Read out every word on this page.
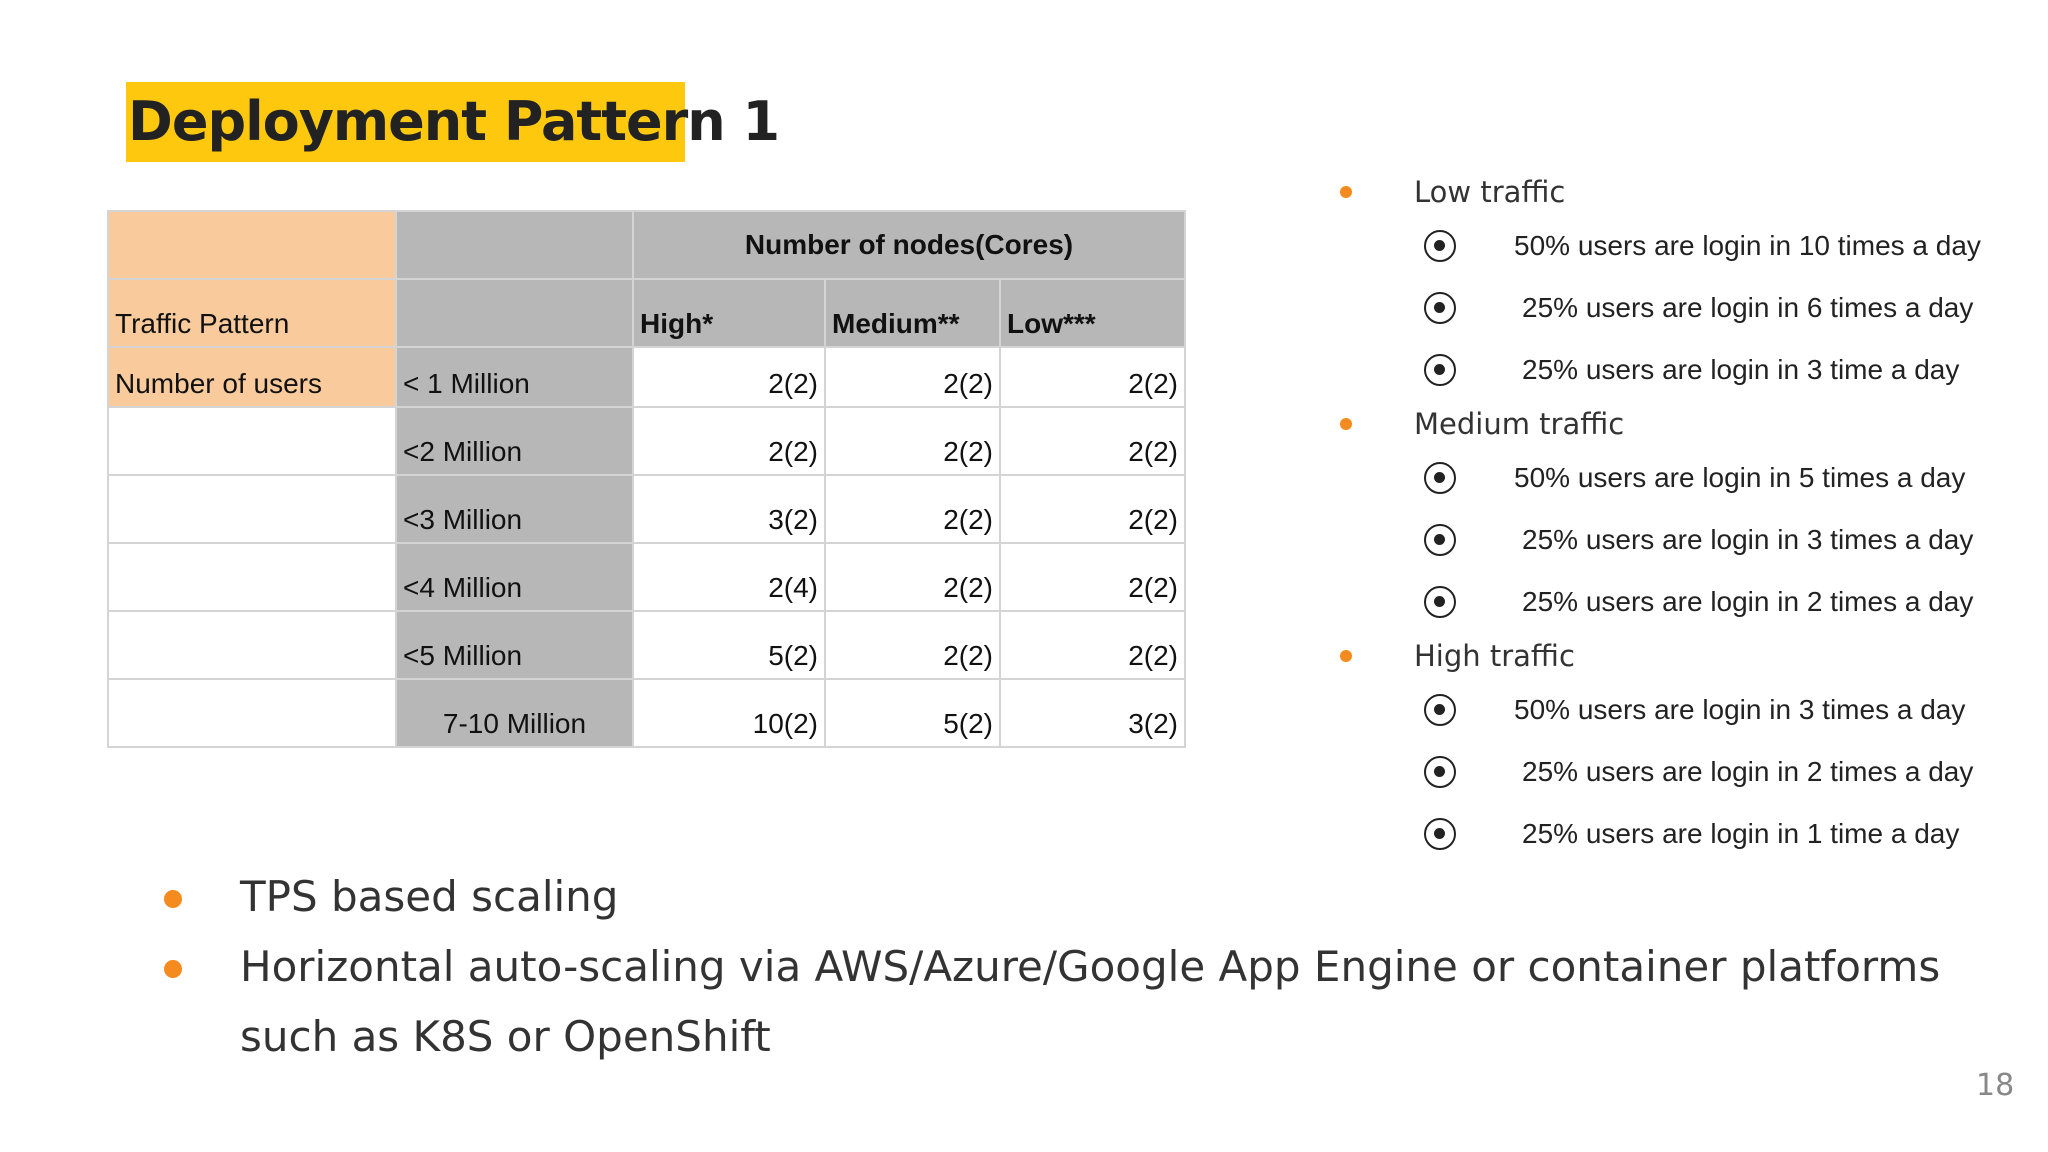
Deployment Pattern 1
		Number of nodes(Cores)		
Traffic Pattern		High*	Medium**	Low***
Number of users	< 1 Million	2(2)	2(2)	2(2)
	<2 Million	2(2)	2(2)	2(2)
	<3 Million	3(2)	2(2)	2(2)
	<4 Million	2(4)	2(2)	2(2)
	<5 Million	5(2)	2(2)	2(2)
	7-10 Million	10(2)	5(2)	3(2)
Low traffic
50% users are login in 10 times a day
25% users are login in 6 times a day
25% users are login in 3 time a day
Medium traffic
50% users are login in 5 times a day
25% users are login in 3 times a day
25% users are login in 2 times a day
High traffic
50% users are login in 3 times a day
25% users are login in 2 times a day
25% users are login in 1 time a day
TPS based scaling
Horizontal auto-scaling via AWS/Azure/Google App Engine or container platforms
such as K8S or OpenShift
18
